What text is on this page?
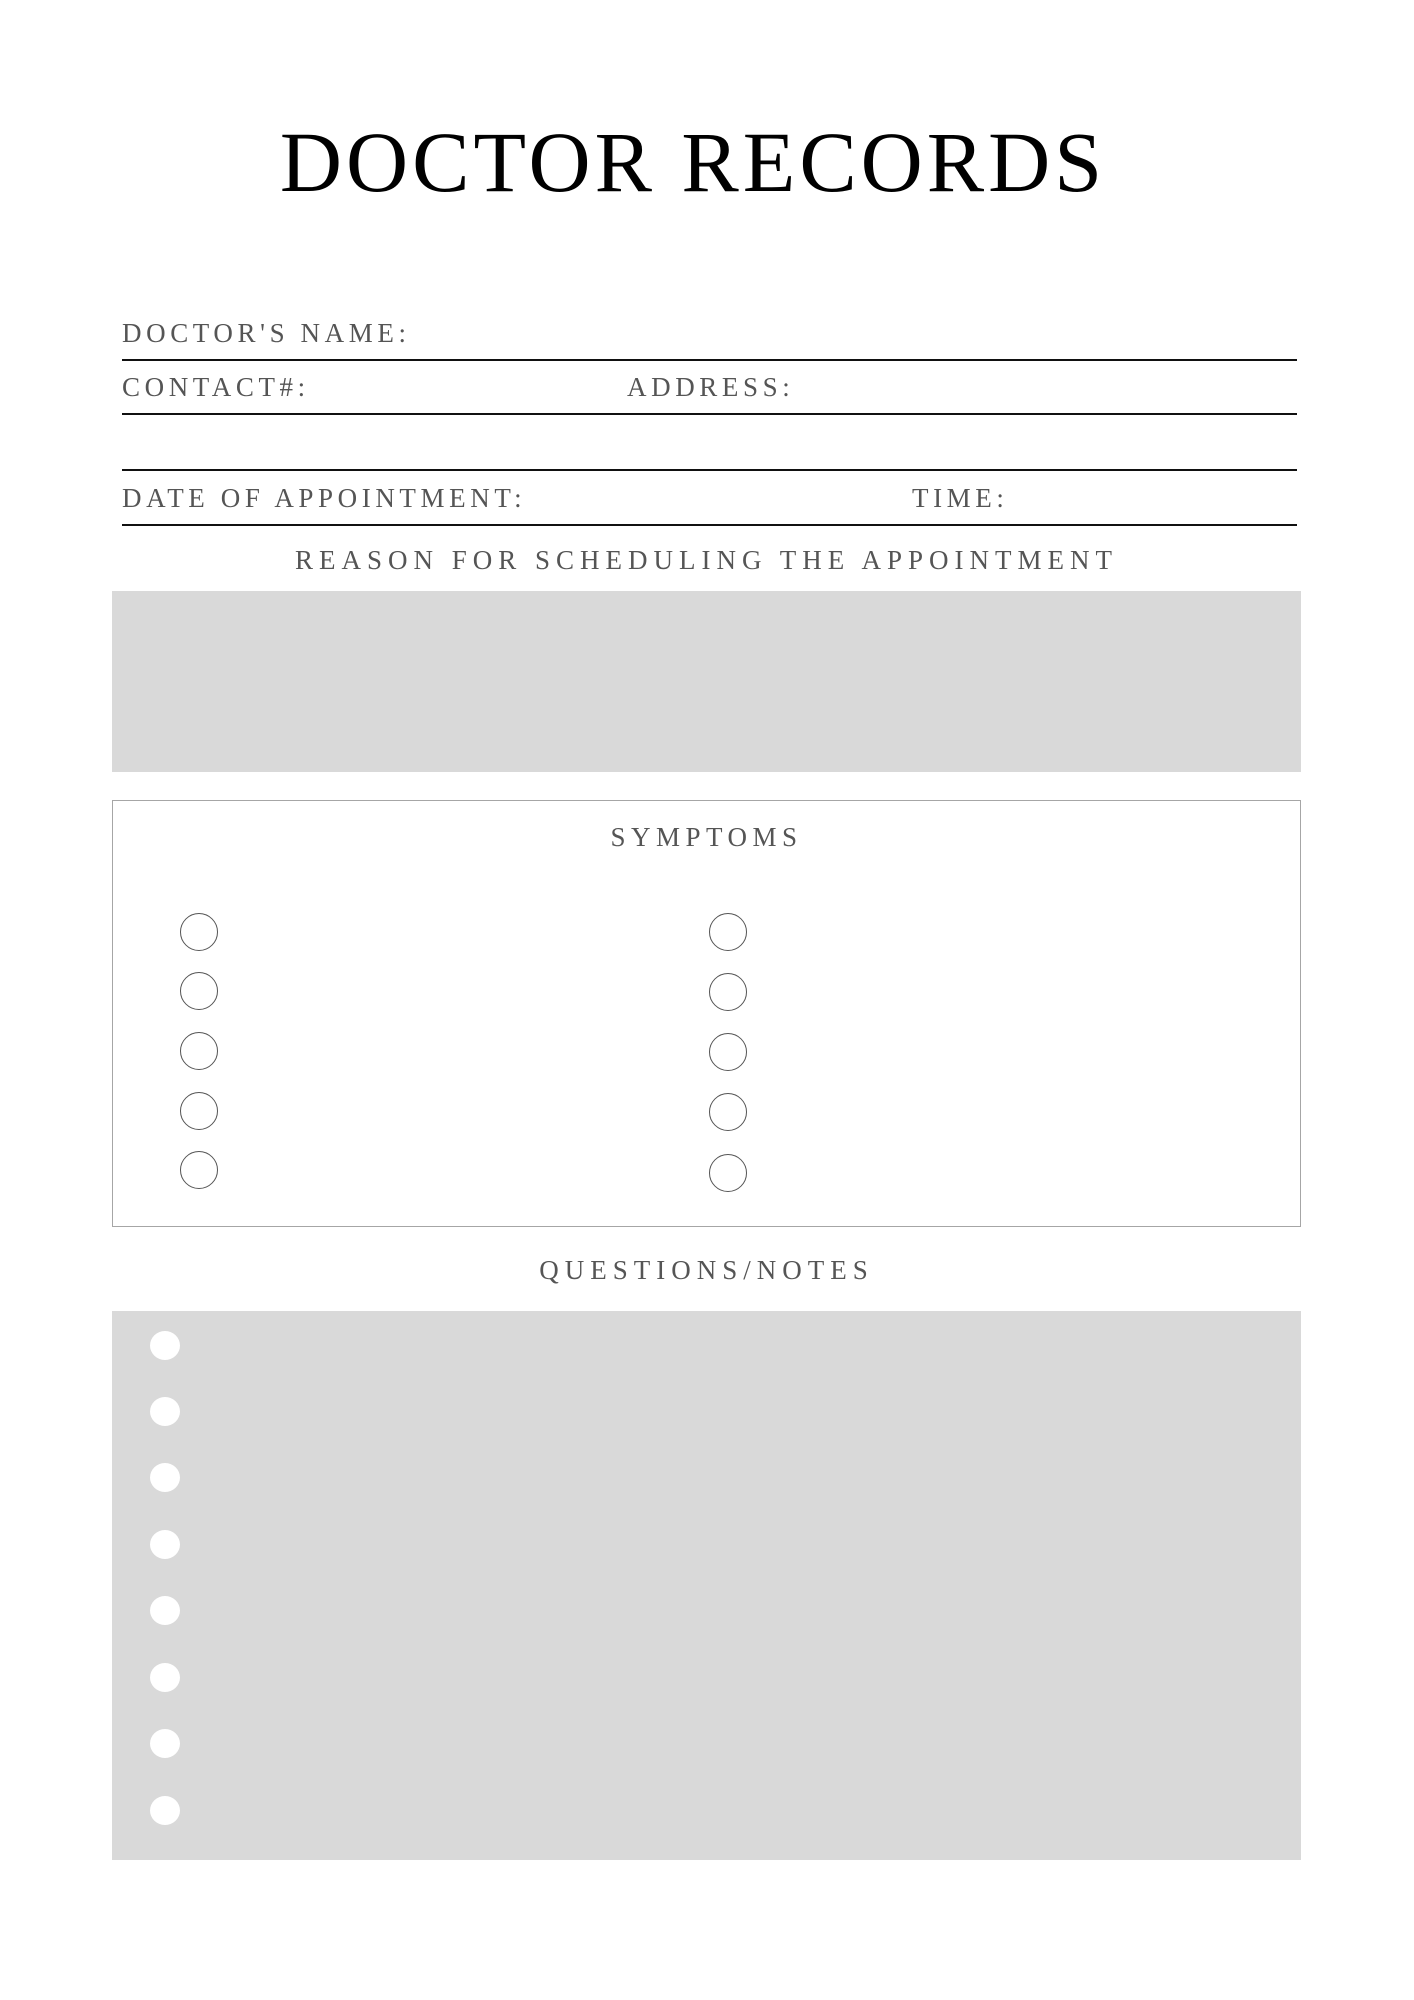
DOCTOR RECORDS
DOCTOR'S NAME:
CONTACT#:	ADDRESS:
DATE OF APPOINTMENT:	TIME:
REASON FOR SCHEDULING THE APPOINTMENT
SYMPTOMS
QUESTIONS/NOTES
